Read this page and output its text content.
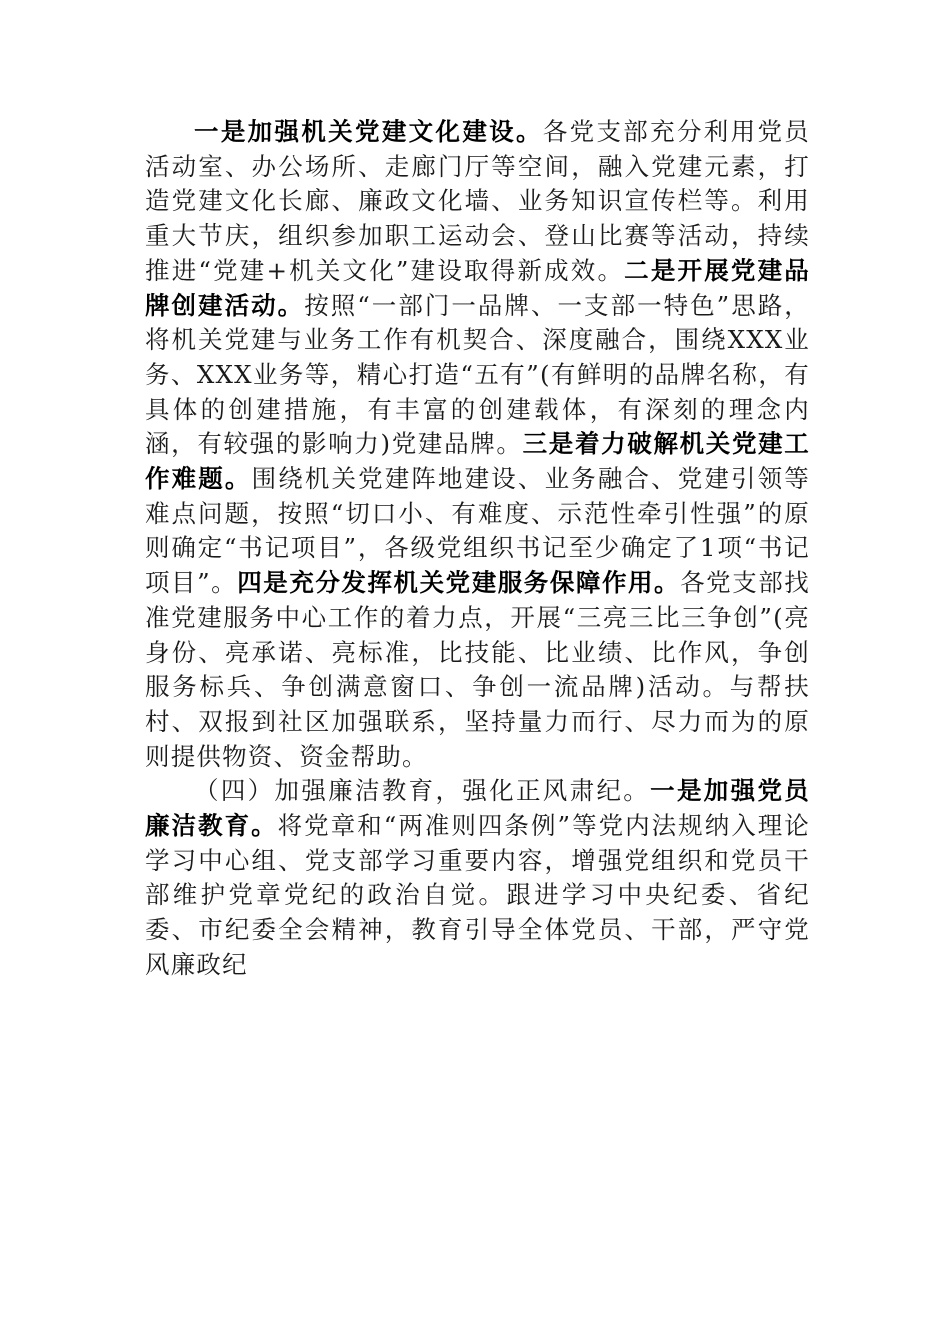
一是加强机关党建文化建设。各党支部充分利用党员活动室、办公场所、走廊门厅等空间，融入党建元素，打造党建文化长廊、廉政文化墙、业务知识宣传栏等。利用重大节庆，组织参加职工运动会、登山比赛等活动，持续推进“党建+机关文化”建设取得新成效。二是开展党建品牌创建活动。按照“一部门一品牌、一支部一特色”思路，将机关党建与业务工作有机契合、深度融合，围绕XXX业务、XXX业务等，精心打造“五有”(有鲜明的品牌名称，有具体的创建措施，有丰富的创建载体，有深刻的理念内涵，有较强的影响力)党建品牌。三是着力破解机关党建工作难题。围绕机关党建阵地建设、业务融合、党建引领等难点问题，按照“切口小、有难度、示范性牵引性强”的原则确定“书记项目”，各级党组织书记至少确定了1项“书记项目”。四是充分发挥机关党建服务保障作用。各党支部找准党建服务中心工作的着力点，开展“三亮三比三争创”(亮身份、亮承诺、亮标准，比技能、比业绩、比作风，争创服务标兵、争创满意窗口、争创一流品牌)活动。与帮扶村、双报到社区加强联系，坚持量力而行、尽力而为的原则提供物资、资金帮助。

（四）加强廉洁教育，强化正风肃纪。一是加强党员廉洁教育。将党章和“两准则四条例”等党内法规纳入理论学习中心组、党支部学习重要内容，增强党组织和党员干部维护党章党纪的政治自觉。跟进学习中央纪委、省纪委、市纪委全会精神，教育引导全体党员、干部，严守党风廉政纪
